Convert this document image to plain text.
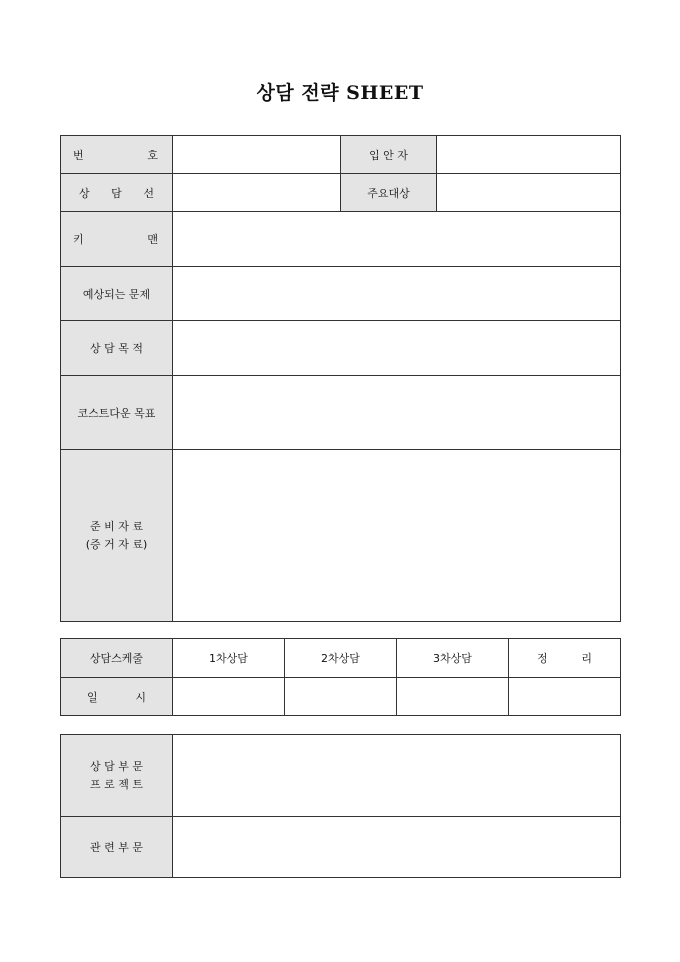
상담 전략 SHEET
번 호		입 안 자	

상 담 선		주요대상	

키 맨			

예상되는 문제			
상 담 목 적			
코스트다운 목표			

준 비 자 료
(증 거 자 료)			

상담스케줄	1차상담	2차상담	3차상담	정 리

일 시				

상 담 부 문
프 로 젝 트	

관 련 부 문	
